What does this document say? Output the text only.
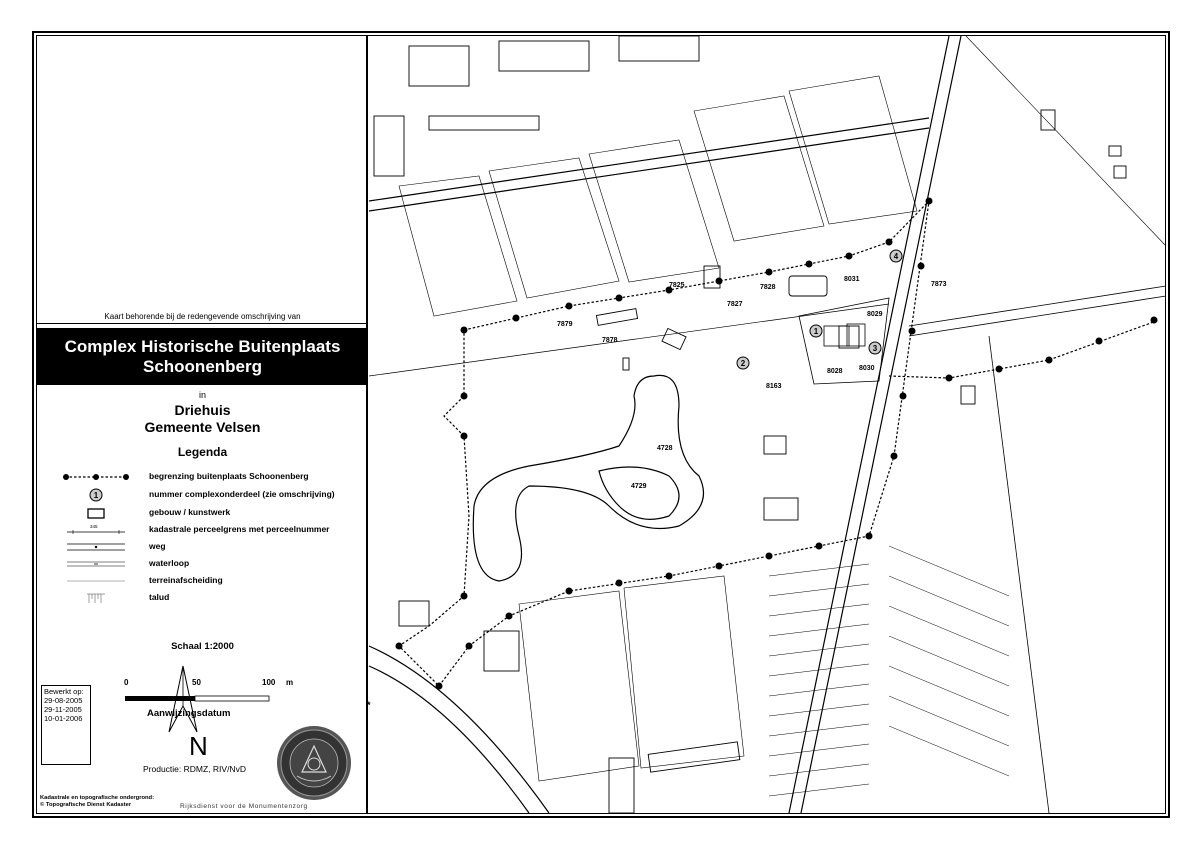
Kaart behorende bij de redengevende omschrijving van
Complex Historische Buitenplaats
Schoonenberg
in
Driehuis
Gemeente Velsen
Legenda
begrenzing buitenplaats Schoonenberg
1	nummer complexonderdeel (zie omschrijving)
gebouw / kunstwerk
345	kadastrale perceelgrens met perceelnummer
weg
waterloop
terreinafscheiding
talud
Schaal 1:2000
0	50	100 m
Aanwijzingsdatum
N
Productie: RDMZ, RIV/NvD
Bewerkt op:
29-08-2005
29-11-2005
10-01-2006
Kadastrale en topografische ondergrond:
© Topografische Dienst Kadaster	Rijksdienst voor de Monumentenzorg
7825
7827
7828
8031
7873
7879
7878
8029
8028 8030
8163
4728
4729
1
2
3
4
*
